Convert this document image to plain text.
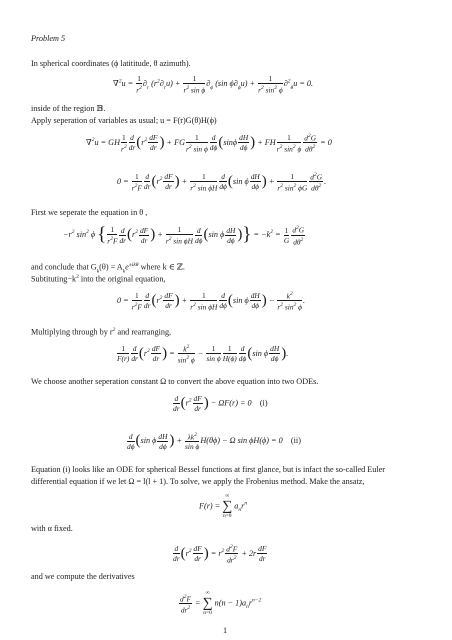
Problem 5
In spherical coordinates (ϕ latititude, θ azimuth).
$\nabla^2u = \frac{1}{r^2} \partial_r$ $(r^2\partial_ru) + \frac{1}{r^2 \sin \phi} \partial_\phi$ (sin $\phi\partial_\phi u) + \frac{1}{r^2 \sin^2 \phi} \partial^2_\theta u = 0$.
inside of the region 𝔹.
Apply seperation of variables as usual; u = F(r)G(θ)H(ϕ)
∇$^2$u = GH $\frac{1}{r^2} \frac{d}{dr} (r^2 \frac{dF}{dr}$ ) + FG $\frac{1}{r^2 \sin \phi} \frac{d}{d\phi} (\sin\phi \frac{dH}{d\phi}$ ) + FH $\frac{1}{r^2 \sin^2 \phi} \frac{d^2G}{d\theta^2} = 0$
$0 = \frac{1}{r^2F} \frac{d}{dr} (r^2 \frac{dF}{dr}$ ) + $\frac{1}{r^2 \sin \phi H} \frac{d}{d\phi} (\sin$ ϕ $\frac{dH}{d\phi}$ ) + $\frac{1}{r^2 \sin^2 \phi G} \frac{d^2G}{d\theta^2}$ .
First we seperate the equation in θ ,
$-r^2$ $\sin^2 \phi$ { $\frac{1}{r^2F} \frac{d}{dr} (r^2 \frac{dF}{dr}$ ) + $\frac{1}{r^2 \sin \phi H} \frac{d}{d\phi} (\sin$ ϕ $\frac{dH}{d\phi}$ )} = $-k^2 = \frac{1}{G} \frac{d^2G}{d\theta^2}$
and conclude that $G_k(\theta) = A_ke^{\pm ik\theta}$ where k ∈ ℤ.
$Subtituting-k^2$ into the original equation,
$0 = \frac{1}{r^2F} \frac{d}{dr} (r^2 \frac{dF}{dr}$ ) + $\frac{1}{r^2 \sin \phi H} \frac{d}{d\phi} (\sin$ ϕ $\frac{dH}{d\phi}$ ) − $\frac{k^2}{r^2 \sin^2 \phi}$ .
Multiplying through by $r^2$ and rearranging,
$\frac{1}{F(r)} \frac{d}{dr} (r^2 \frac{dF}{dr}$ ) = $\frac{k^2}{\sin^2 \phi} - \frac{1}{\text{sin ϕ}} \frac{1}{H(\phi)} \frac{d}{d\phi} (\sin$ ϕ $\frac{dH}{d\phi}$ ).
We choose another seperation constant Ω to convert the above equation into two ODEs.
$\frac{d}{dr} (r^2 \frac{dF}{dr}$ ) − ΩF(r) = 0    (i)
$\frac{d}{d\phi} (\sin$ ϕ $\frac{dH}{d\phi}$ ) + $\frac{\lambda k^2}{\text{sin ϕ}} H(\theta\phi) - \Omega$ sin ϕH(ϕ) = 0    (ii)
Equation (i) looks like an ODE for spherical Bessel functions at first glance, but is infact the so-called Euler
differential equation if we let Ω = l(l + 1). To solve, we apply the Frobenius method. Make the ansatz,
F(r) =
∞
∑
n=0
$a_nr^n$
with α fixed.
$\frac{d}{dr} (r^2 \frac{dF}{dr}$ ) = $r^2 \frac{d^2F}{dr^2} + 2r \frac{dF}{dr}$
and we compute the derivatives
$\frac{d^2F}{dr^2}$ =
∞
∑
n=0
$n(n - 1)a_nr^{n-2}$
1
